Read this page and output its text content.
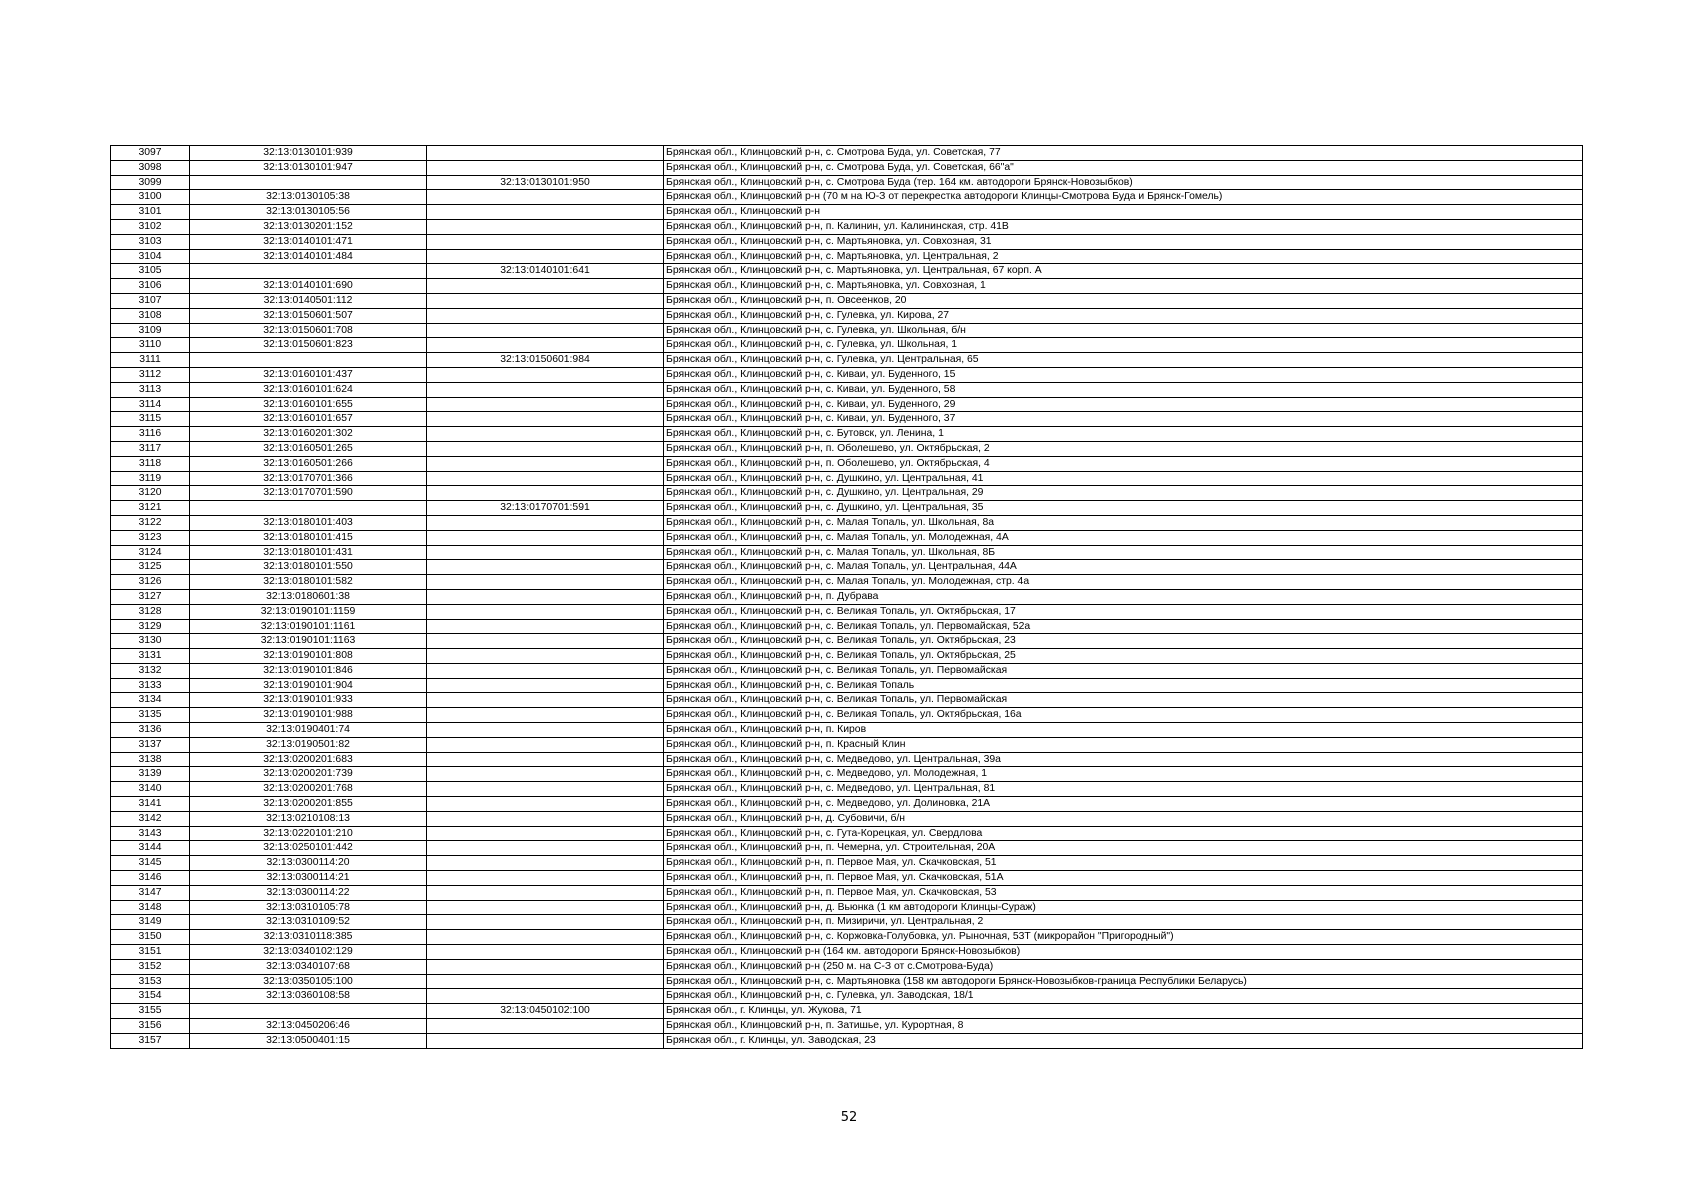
3097	32:13:0130101:939		Брянская обл., Клинцовский р-н, с. Смотрова Буда, ул. Советская, 77
3098	32:13:0130101:947		Брянская обл., Клинцовский р-н, с. Смотрова Буда, ул. Советская, 66"а"
3099		32:13:0130101:950	Брянская обл., Клинцовский р-н, с. Смотрова Буда (тер. 164 км. автодороги Брянск-Новозыбков)
3100	32:13:0130105:38		Брянская обл., Клинцовский р-н (70 м на Ю-З от перекрестка автодороги Клинцы-Смотрова Буда и Брянск-Гомель)
3101	32:13:0130105:56		Брянская обл., Клинцовский р-н
3102	32:13:0130201:152		Брянская обл., Клинцовский р-н, п. Калинин, ул. Калининская, стр. 41В
3103	32:13:0140101:471		Брянская обл., Клинцовский р-н, с. Мартьяновка, ул. Совхозная, 31
3104	32:13:0140101:484		Брянская обл., Клинцовский р-н, с. Мартьяновка, ул. Центральная, 2
3105		32:13:0140101:641	Брянская обл., Клинцовский р-н, с. Мартьяновка, ул. Центральная, 67 корп. А
3106	32:13:0140101:690		Брянская обл., Клинцовский р-н, с. Мартьяновка, ул. Совхозная, 1
3107	32:13:0140501:112		Брянская обл., Клинцовский р-н, п. Овсеенков, 20
3108	32:13:0150601:507		Брянская обл., Клинцовский р-н, с. Гулевка, ул. Кирова, 27
3109	32:13:0150601:708		Брянская обл., Клинцовский р-н, с. Гулевка, ул. Школьная, б/н
3110	32:13:0150601:823		Брянская обл., Клинцовский р-н, с. Гулевка, ул. Школьная, 1
3111		32:13:0150601:984	Брянская обл., Клинцовский р-н, с. Гулевка, ул. Центральная, 65
3112	32:13:0160101:437		Брянская обл., Клинцовский р-н, с. Киваи, ул. Буденного, 15
3113	32:13:0160101:624		Брянская обл., Клинцовский р-н, с. Киваи, ул. Буденного, 58
3114	32:13:0160101:655		Брянская обл., Клинцовский р-н, с. Киваи, ул. Буденного, 29
3115	32:13:0160101:657		Брянская обл., Клинцовский р-н, с. Киваи, ул. Буденного, 37
3116	32:13:0160201:302		Брянская обл., Клинцовский р-н, с. Бутовск, ул. Ленина, 1
3117	32:13:0160501:265		Брянская обл., Клинцовский р-н, п. Оболешево, ул. Октябрьская, 2
3118	32:13:0160501:266		Брянская обл., Клинцовский р-н, п. Оболешево, ул. Октябрьская, 4
3119	32:13:0170701:366		Брянская обл., Клинцовский р-н, с. Душкино, ул. Центральная, 41
3120	32:13:0170701:590		Брянская обл., Клинцовский р-н, с. Душкино, ул. Центральная, 29
3121		32:13:0170701:591	Брянская обл., Клинцовский р-н, с. Душкино, ул. Центральная, 35
3122	32:13:0180101:403		Брянская обл., Клинцовский р-н, с. Малая Топаль, ул. Школьная, 8а
3123	32:13:0180101:415		Брянская обл., Клинцовский р-н, с. Малая Топаль, ул. Молодежная, 4А
3124	32:13:0180101:431		Брянская обл., Клинцовский р-н, с. Малая Топаль, ул. Школьная, 8Б
3125	32:13:0180101:550		Брянская обл., Клинцовский р-н, с. Малая Топаль, ул. Центральная, 44А
3126	32:13:0180101:582		Брянская обл., Клинцовский р-н, с. Малая Топаль, ул. Молодежная, стр. 4а
3127	32:13:0180601:38		Брянская обл., Клинцовский р-н, п. Дубрава
3128	32:13:0190101:1159		Брянская обл., Клинцовский р-н, с. Великая Топаль, ул. Октябрьская, 17
3129	32:13:0190101:1161		Брянская обл., Клинцовский р-н, с. Великая Топаль, ул. Первомайская, 52а
3130	32:13:0190101:1163		Брянская обл., Клинцовский р-н, с. Великая Топаль, ул. Октябрьская, 23
3131	32:13:0190101:808		Брянская обл., Клинцовский р-н, с. Великая Топаль, ул. Октябрьская, 25
3132	32:13:0190101:846		Брянская обл., Клинцовский р-н, с. Великая Топаль, ул. Первомайская
3133	32:13:0190101:904		Брянская обл., Клинцовский р-н, с. Великая Топаль
3134	32:13:0190101:933		Брянская обл., Клинцовский р-н, с. Великая Топаль, ул. Первомайская
3135	32:13:0190101:988		Брянская обл., Клинцовский р-н, с. Великая Топаль, ул. Октябрьская, 16а
3136	32:13:0190401:74		Брянская обл., Клинцовский р-н, п. Киров
3137	32:13:0190501:82		Брянская обл., Клинцовский р-н, п. Красный Клин
3138	32:13:0200201:683		Брянская обл., Клинцовский р-н, с. Медведово, ул. Центральная, 39а
3139	32:13:0200201:739		Брянская обл., Клинцовский р-н, с. Медведово, ул. Молодежная, 1
3140	32:13:0200201:768		Брянская обл., Клинцовский р-н, с. Медведово, ул. Центральная, 81
3141	32:13:0200201:855		Брянская обл., Клинцовский р-н, с. Медведово, ул. Долиновка, 21А
3142	32:13:0210108:13		Брянская обл., Клинцовский р-н, д. Субовичи, б/н
3143	32:13:0220101:210		Брянская обл., Клинцовский р-н, с. Гута-Корецкая, ул. Свердлова
3144	32:13:0250101:442		Брянская обл., Клинцовский р-н, п. Чемерна, ул. Строительная, 20А
3145	32:13:0300114:20		Брянская обл., Клинцовский р-н, п. Первое Мая, ул. Скачковская, 51
3146	32:13:0300114:21		Брянская обл., Клинцовский р-н, п. Первое Мая, ул. Скачковская, 51А
3147	32:13:0300114:22		Брянская обл., Клинцовский р-н, п. Первое Мая, ул. Скачковская, 53
3148	32:13:0310105:78		Брянская обл., Клинцовский р-н, д. Вьюнка (1 км автодороги Клинцы-Сураж)
3149	32:13:0310109:52		Брянская обл., Клинцовский р-н, п. Мизиричи, ул. Центральная, 2
3150	32:13:0310118:385		Брянская обл., Клинцовский р-н, с. Коржовка-Голубовка, ул. Рыночная, 53Т (микрорайон "Пригородный")
3151	32:13:0340102:129		Брянская обл., Клинцовский р-н (164 км. автодороги Брянск-Новозыбков)
3152	32:13:0340107:68		Брянская обл., Клинцовский р-н (250 м. на С-З от с.Смотрова-Буда)
3153	32:13:0350105:100		Брянская обл., Клинцовский р-н, с. Мартьяновка (158 км автодороги Брянск-Новозыбков-граница Республики Беларусь)
3154	32:13:0360108:58		Брянская обл., Клинцовский р-н, с. Гулевка, ул. Заводская, 18/1
3155		32:13:0450102:100	Брянская обл., г. Клинцы, ул. Жукова, 71
3156	32:13:0450206:46		Брянская обл., Клинцовский р-н, п. Затишье, ул. Курортная, 8
3157	32:13:0500401:15		Брянская обл., г. Клинцы, ул. Заводская, 23
52
